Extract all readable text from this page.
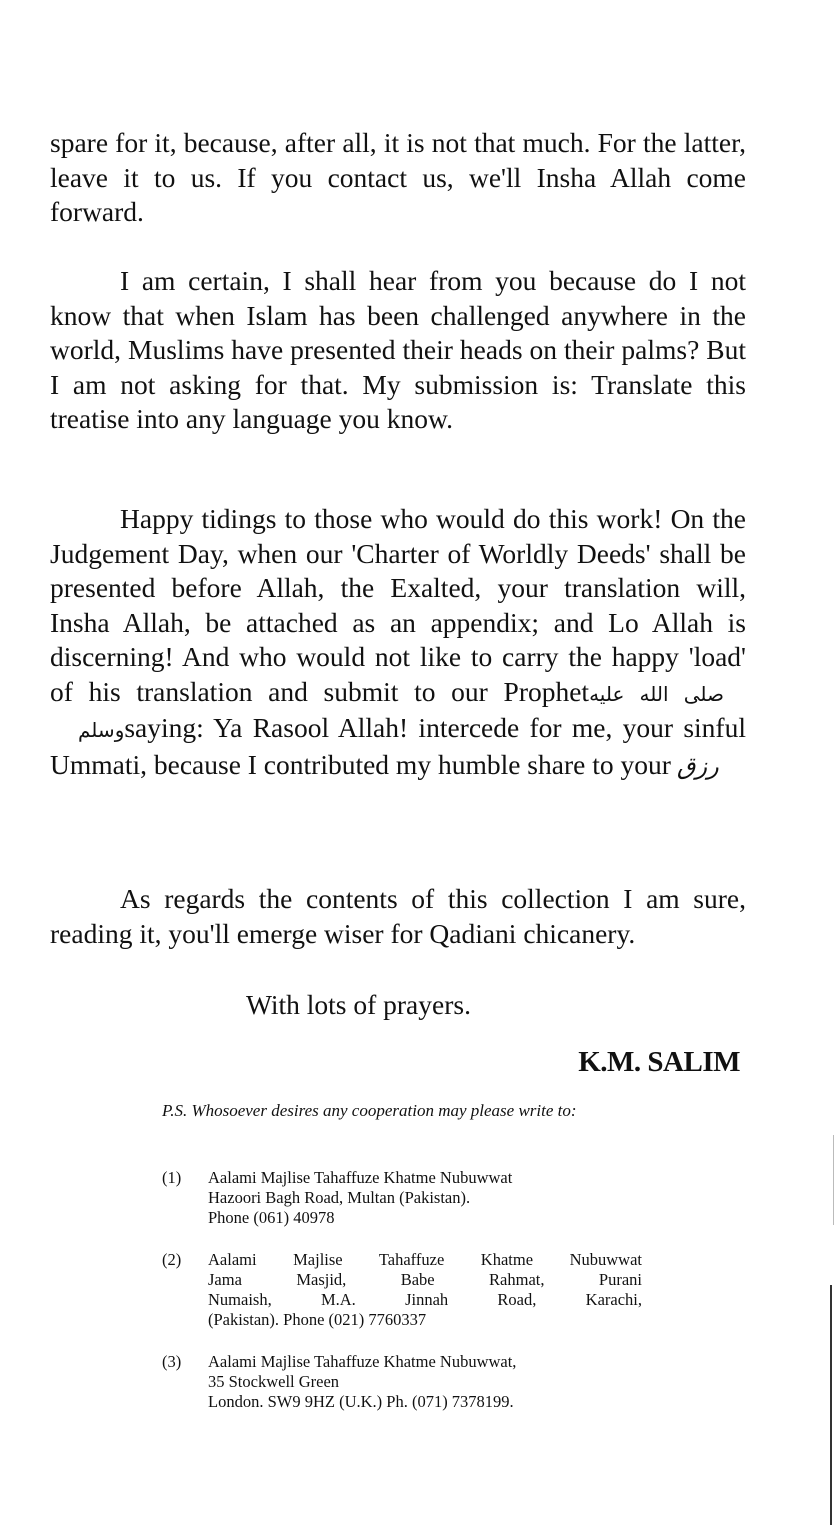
spare for it, because, after all, it is not that much. For the latter, leave it to us. If you contact us, we'll Insha Allah come forward.

I am certain, I shall hear from you because do I not know that when Islam has been challenged anywhere in the world, Muslims have presented their heads on their palms? But I am not asking for that. My submission is: Translate this treatise into any language you know.

Happy tidings to those who would do this work! On the Judgement Day, when our 'Charter of Worldly Deeds' shall be presented before Allah, the Exalted, your translation will, Insha Allah, be attached as an appendix; and Lo Allah is discerning! And who would not like to carry the happy 'load' of his translation and submit to our Prophetصلى الله عليه وسلمsaying: Ya Rasool Allah! intercede for me, your sinful Ummati, because I contributed my humble share to your رزق

As regards the contents of this collection I am sure, reading it, you'll emerge wiser for Qadiani chicanery.

With lots of prayers.

K.M. SALIM

P.S. Whosoever desires any cooperation may please write to:

(1) Aalami Majlise Tahaffuze Khatme Nubuwwat
Hazoori Bagh Road, Multan (Pakistan).
Phone (061) 40978
(2) Aalami Majlise Tahaffuze Khatme Nubuwwat
Jama Masjid, Babe Rahmat, Purani
Numaish, M.A. Jinnah Road, Karachi,
(Pakistan). Phone (021) 7760337
(3) Aalami Majlise Tahaffuze Khatme Nubuwwat,
35 Stockwell Green
London. SW9 9HZ (U.K.) Ph. (071) 7378199.
